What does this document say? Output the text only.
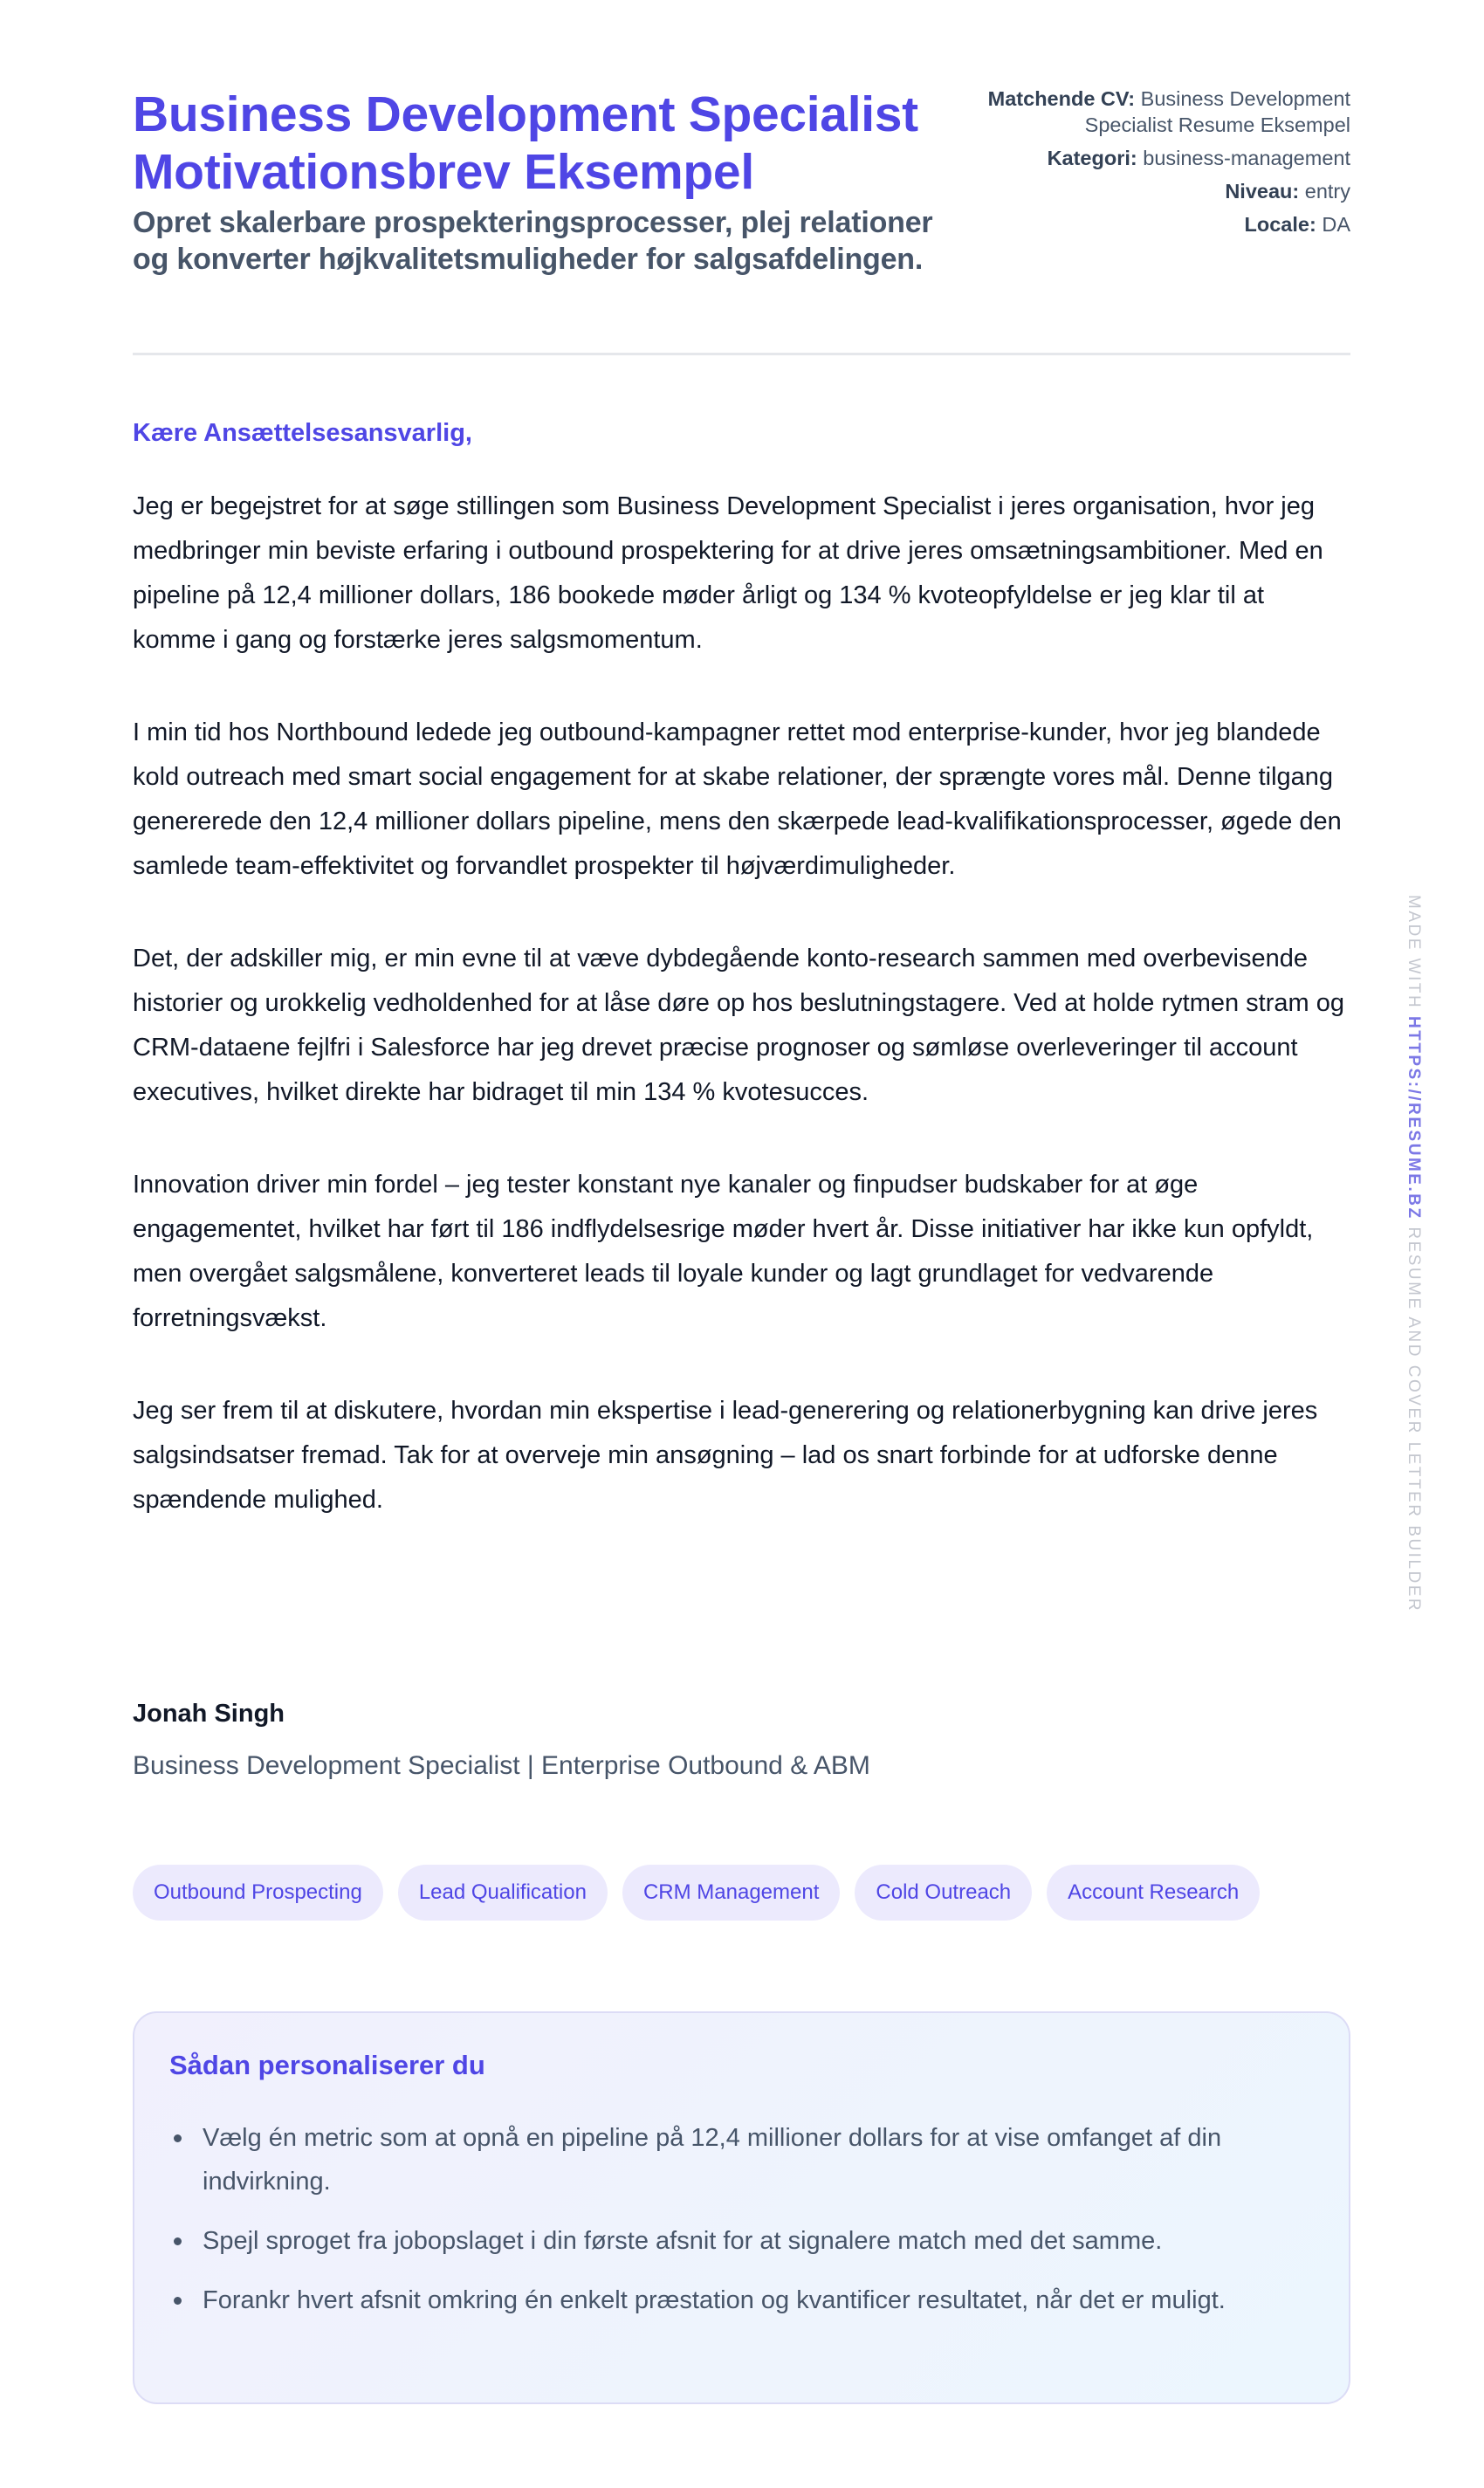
Business Development Specialist
Motivationsbrev Eksempel

Opret skalerbare prospekteringsprocesser, plej relationer og konverter højkvalitetsmuligheder for salgsafdelingen.

Matchende CV: Business Development Specialist Resume Eksempel
Kategori: business-management
Niveau: entry
Locale: DA
Kære Ansættelsesansvarlig,

Jeg er begejstret for at søge stillingen som Business Development Specialist i jeres organisation, hvor jeg medbringer min beviste erfaring i outbound prospektering for at drive jeres omsætningsambitioner. Med en pipeline på 12,4 millioner dollars, 186 bookede møder årligt og 134 % kvoteopfyldelse er jeg klar til at komme i gang og forstærke jeres salgsmomentum.

I min tid hos Northbound ledede jeg outbound-kampagner rettet mod enterprise-kunder, hvor jeg blandede kold outreach med smart social engagement for at skabe relationer, der sprængte vores mål. Denne tilgang genererede den 12,4 millioner dollars pipeline, mens den skærpede lead-kvalifikationsprocesser, øgede den samlede team-effektivitet og forvandlet prospekter til højværdimuligheder.

Det, der adskiller mig, er min evne til at væve dybdegående konto-research sammen med overbevisende historier og urokkelig vedholdenhed for at låse døre op hos beslutningstagere. Ved at holde rytmen stram og CRM-dataene fejlfri i Salesforce har jeg drevet præcise prognoser og sømløse overleveringer til account executives, hvilket direkte har bidraget til min 134 % kvotesucces.

Innovation driver min fordel – jeg tester konstant nye kanaler og finpudser budskaber for at øge engagementet, hvilket har ført til 186 indflydelsesrige møder hvert år. Disse initiativer har ikke kun opfyldt, men overgået salgsmålene, konverteret leads til loyale kunder og lagt grundlaget for vedvarende forretningsvækst.

Jeg ser frem til at diskutere, hvordan min ekspertise i lead-generering og relationerbygning kan drive jeres salgsindsatser fremad. Tak for at overveje min ansøgning – lad os snart forbinde for at udforske denne spændende mulighed.

Jonah Singh
Business Development Specialist | Enterprise Outbound & ABM
Outbound Prospecting	Lead Qualification	CRM Management	Cold Outreach	Account Research
Sådan personaliserer du
Vælg én metric som at opnå en pipeline på 12,4 millioner dollars for at vise omfanget af din indvirkning.
Spejl sproget fra jobopslaget i din første afsnit for at signalere match med det samme.
Forankr hvert afsnit omkring én enkelt præstation og kvantificer resultatet, når det er muligt.
MADE WITH HTTPS://RESUME.BZ RESUME AND COVER LETTER BUILDER
